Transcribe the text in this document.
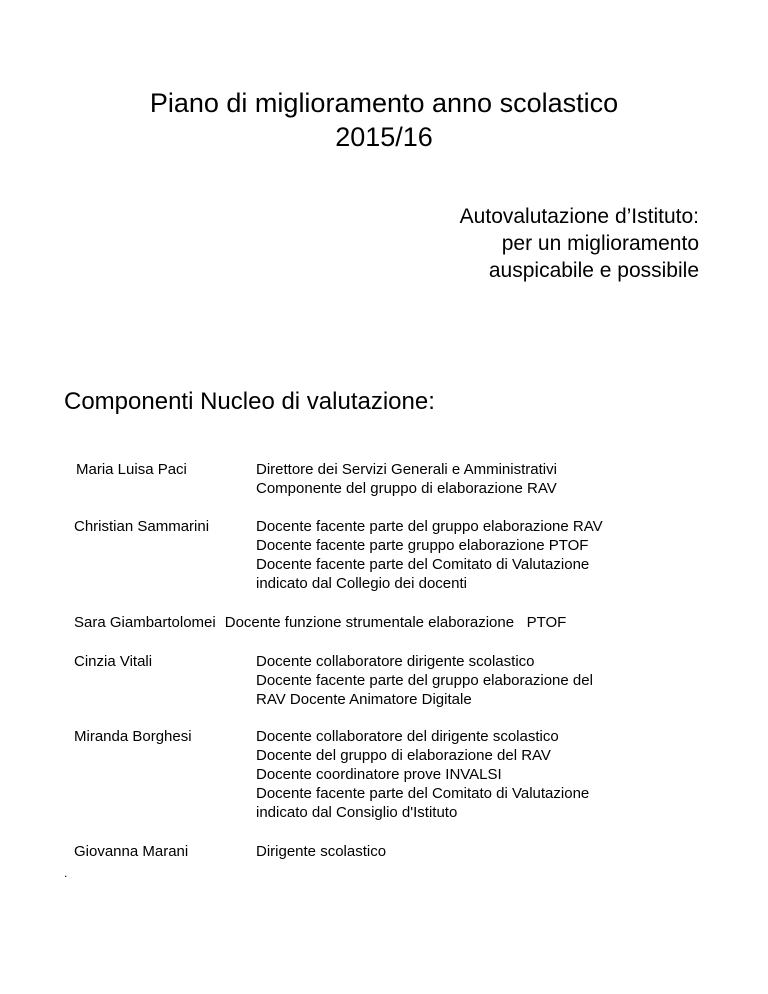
Piano di miglioramento anno scolastico
2015/16
Autovalutazione d’Istituto:
per un miglioramento
auspicabile e possibile
Componenti Nucleo di valutazione:
Maria Luisa Paci	Direttore dei Servizi Generali e Amministrativi
Componente del gruppo di elaborazione RAV
Christian Sammarini	Docente facente parte del gruppo elaborazione RAV
Docente facente parte gruppo elaborazione PTOF
Docente facente parte del Comitato di Valutazione
indicato dal Collegio dei docenti
Sara Giambartolomei Docente funzione strumentale elaborazione   PTOF
Cinzia Vitali	Docente collaboratore dirigente scolastico
Docente facente parte del gruppo elaborazione del
RAV Docente Animatore Digitale
Miranda Borghesi	Docente collaboratore del dirigente scolastico
Docente del gruppo di elaborazione del RAV
Docente coordinatore prove INVALSI
Docente facente parte del Comitato di Valutazione
indicato dal Consiglio d'Istituto
Giovanna Marani	Dirigente scolastico
.
